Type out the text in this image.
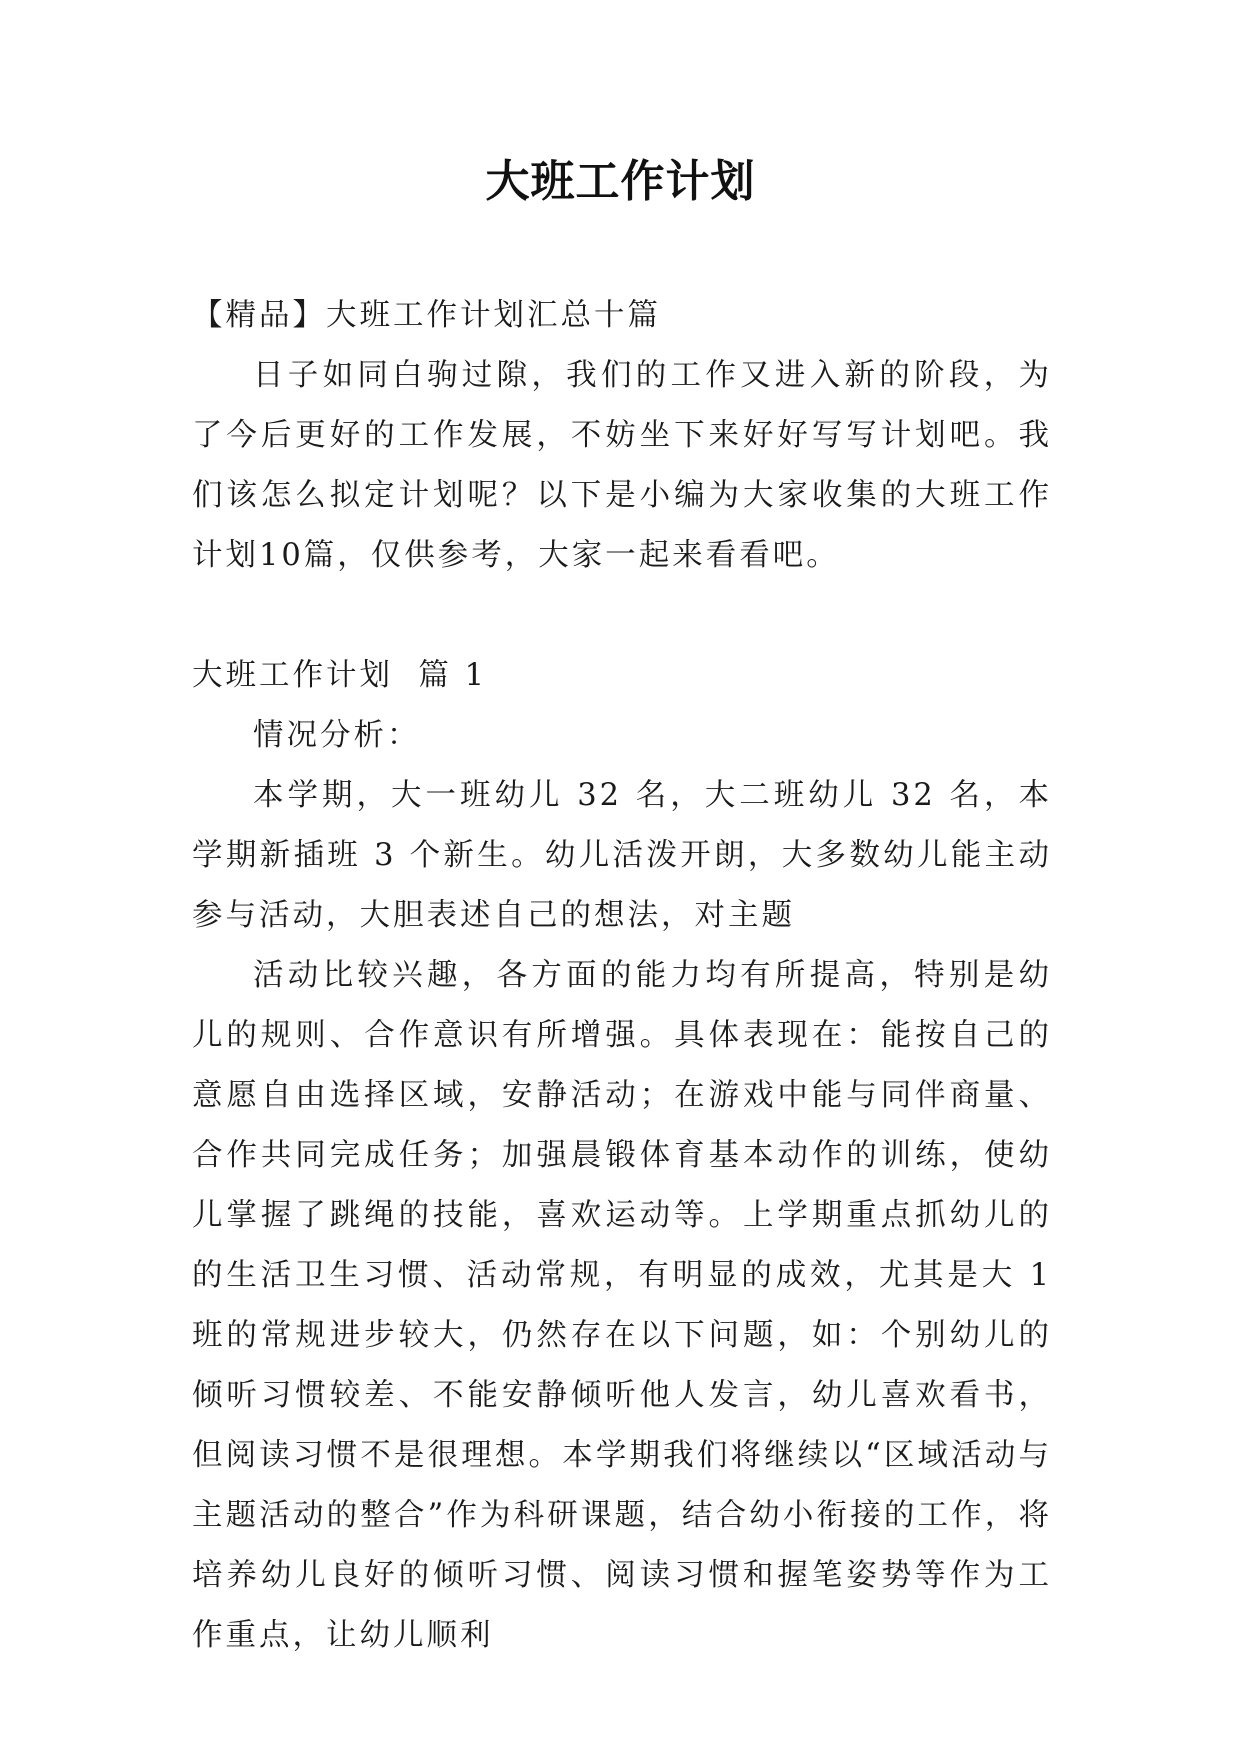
大班工作计划

【精品】大班工作计划汇总十篇

日子如同白驹过隙，我们的工作又进入新的阶段，为了今后更好的工作发展，不妨坐下来好好写写计划吧。我们该怎么拟定计划呢？以下是小编为大家收集的大班工作计划10篇，仅供参考，大家一起来看看吧。

大班工作计划  篇 1

情况分析：

本学期，大一班幼儿 32 名，大二班幼儿 32 名，本学期新插班 3 个新生。幼儿活泼开朗，大多数幼儿能主动参与活动，大胆表述自己的想法，对主题

活动比较兴趣，各方面的能力均有所提高，特别是幼儿的规则、合作意识有所增强。具体表现在：能按自己的意愿自由选择区域，安静活动；在游戏中能与同伴商量、合作共同完成任务；加强晨锻体育基本动作的训练，使幼儿掌握了跳绳的技能，喜欢运动等。上学期重点抓幼儿的的生活卫生习惯、活动常规，有明显的成效，尤其是大 1 班的常规进步较大，仍然存在以下问题，如：个别幼儿的倾听习惯较差、不能安静倾听他人发言，幼儿喜欢看书，但阅读习惯不是很理想。本学期我们将继续以“区域活动与主题活动的整合”作为科研课题，结合幼小衔接的工作，将培养幼儿良好的倾听习惯、阅读习惯和握笔姿势等作为工作重点，让幼儿顺利
